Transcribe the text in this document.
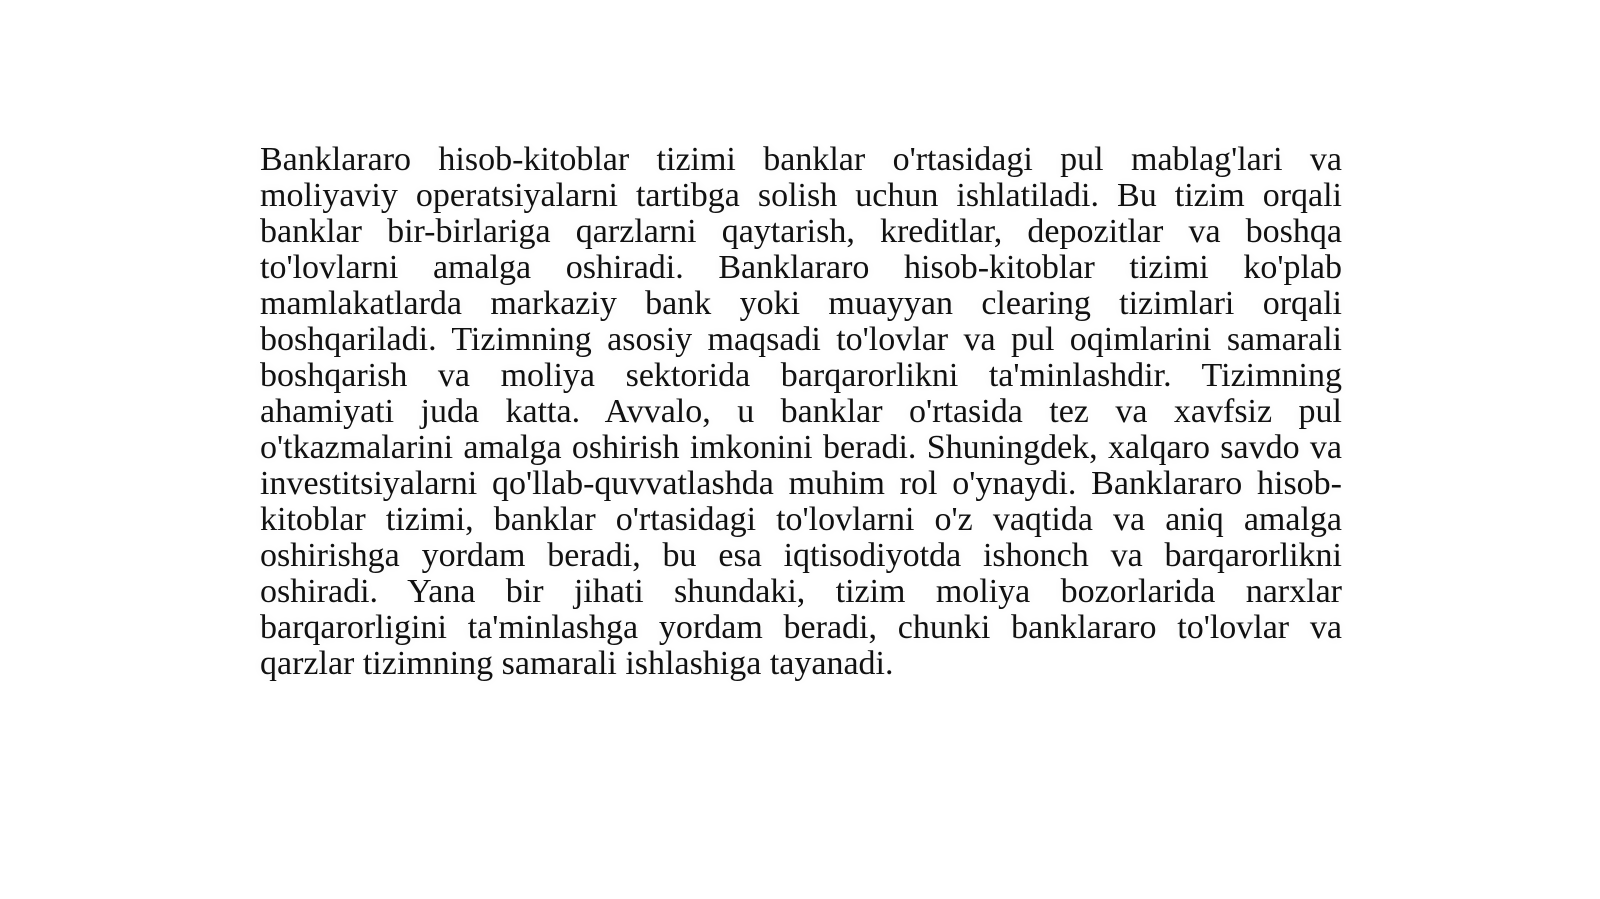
Banklararo hisob-kitoblar tizimi banklar o'rtasidagi pul mablag'lari va moliyaviy operatsiyalarni tartibga solish uchun ishlatiladi. Bu tizim orqali banklar bir-birlariga qarzlarni qaytarish, kreditlar, depozitlar va boshqa to'lovlarni amalga oshiradi. Banklararo hisob-kitoblar tizimi ko'plab mamlakatlarda markaziy bank yoki muayyan clearing tizimlari orqali boshqariladi. Tizimning asosiy maqsadi to'lovlar va pul oqimlarini samarali boshqarish va moliya sektorida barqarorlikni ta'minlashdir. Tizimning ahamiyati juda katta. Avvalo, u banklar o'rtasida tez va xavfsiz pul o'tkazmalarini amalga oshirish imkonini beradi. Shuningdek, xalqaro savdo va investitsiyalarni qo'llab-quvvatlashda muhim rol o'ynaydi. Banklararo hisob-kitoblar tizimi, banklar o'rtasidagi to'lovlarni o'z vaqtida va aniq amalga oshirishga yordam beradi, bu esa iqtisodiyotda ishonch va barqarorlikni oshiradi. Yana bir jihati shundaki, tizim moliya bozorlarida narxlar barqarorligini ta'minlashga yordam beradi, chunki banklararo to'lovlar va qarzlar tizimning samarali ishlashiga tayanadi.
